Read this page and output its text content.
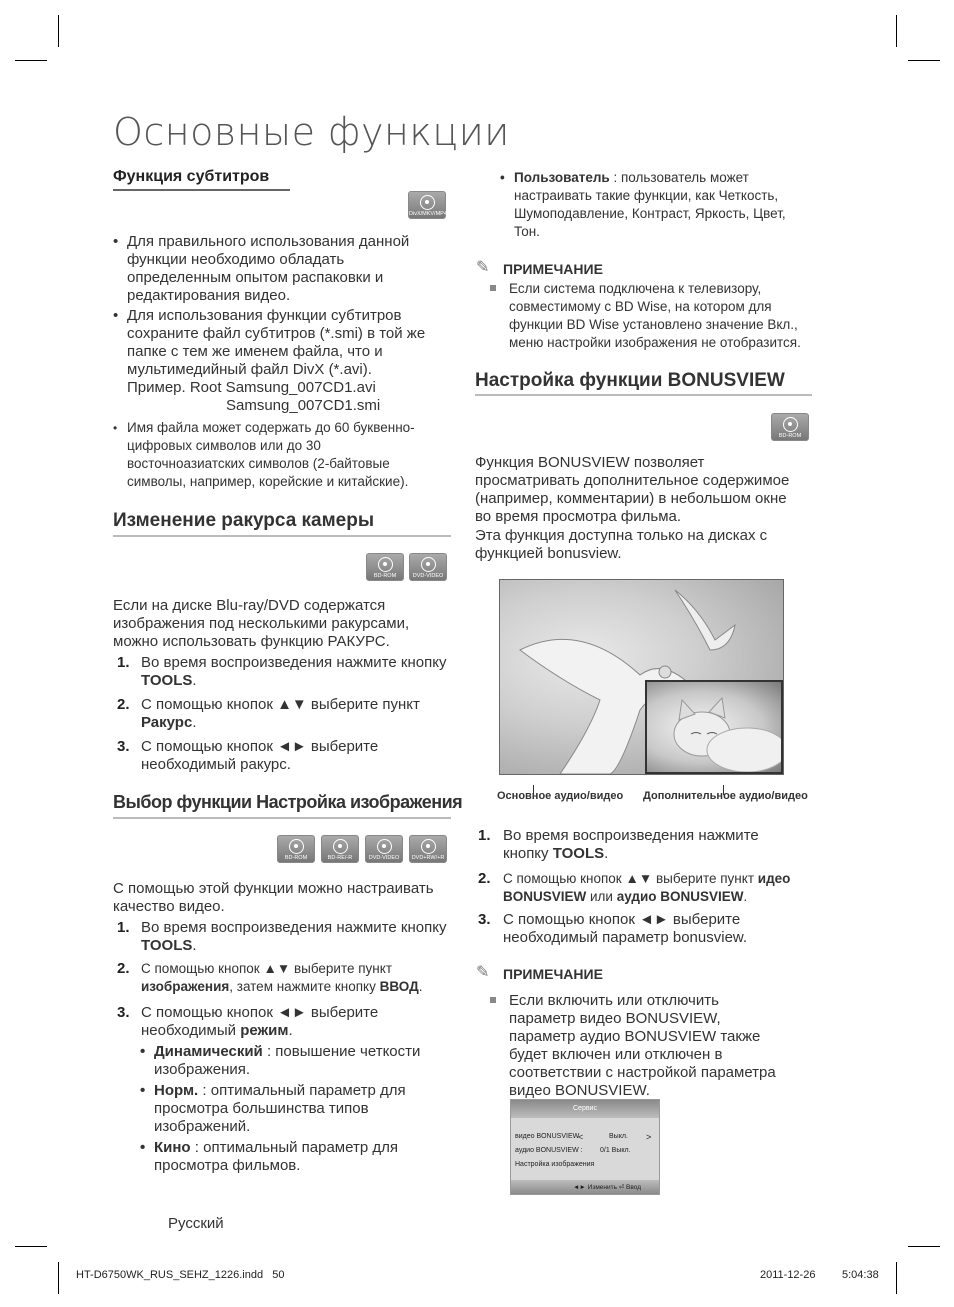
Основные функции
Функция субтитров
DivX/MKV/MP4
• Для правильного использования данной функции необходимо обладать определенным опытом распаковки и редактирования видео.
• Для использования функции субтитров
сохраните файл субтитров (*.smi) в той же
папке с тем же именем файла, что и
мультимедийный файл DivX (*.avi).
Пример. Root Samsung_007CD1.avi
Samsung_007CD1.smi
• Имя файла может содержать до 60 буквенно-цифровых символов или до 30 восточноазиатских символов (2-байтовые символы, например, корейские и китайские).
Изменение ракурса камеры
BD-ROM	DVD-VIDEO
Если на диске Blu-ray/DVD содержатся изображения под несколькими ракурсами, можно использовать функцию РАКУРС.
1. Во время воспроизведения нажмите кнопку
TOOLS.
2. С помощью кнопок ▲▼ выберите пункт
Ракурс.
3. С помощью кнопок ◄► выберите
необходимый ракурс.
Выбор функции Настройка изображения
BD-ROM	BD-RE/-R	DVD-VIDEO	DVD+RW/+R
С помощью этой функции можно настраивать качество видео.
1. Во время воспроизведения нажмите кнопку
TOOLS.
2. С помощью кнопок ▲▼ выберите пункт
изображения, затем нажмите кнопку ВВОД.
3. С помощью кнопок ◄► выберите
необходимый режим.
• Динамический : повышение четкости изображения.
• Норм. : оптимальный параметр для просмотра большинства типов изображений.
• Кино : оптимальный параметр для просмотра фильмов.
Русский
• Пользователь : пользователь может настраивать такие функции, как Четкость, Шумоподавление, Контраст, Яркость, Цвет, Тон.
✎ ПРИМЕЧАНИЕ
Если система подключена к телевизору, совместимому с BD Wise, на котором для функции BD Wise установлено значение Вкл., меню настройки изображения не отобразится.
Настройка функции BONUSVIEW
BD-ROM
Функция BONUSVIEW позволяет просматривать дополнительное содержимое (например, комментарии) в небольшом окне во время просмотра фильма.
Эта функция доступна только на дисках с функцией bonusview.
Основное аудио/видео Дополнительное аудио/видео
1. Во время воспроизведения нажмите
кнопку TOOLS.
2. С помощью кнопок ▲▼ выберите пункт идео
BONUSVIEW или аудио BONUSVIEW.
3. С помощью кнопок ◄► выберите
необходимый параметр bonusview.
✎ ПРИМЕЧАНИЕ
Если включить или отключить параметр видео BONUSVIEW, параметр аудио BONUSVIEW также будет включен или отключен в соответствии с настройкой параметра видео BONUSVIEW.
Сервис
видео BONUSVIEW
<	Выкл. >
аудио BONUSVIEW : 0/1 Выкл.
Настройка изображения
◄► Изменить ⏎ Ввод
HT-D6750WK_RUS_SEHZ_1226.indd   50	2011-12-26 5:04:38
